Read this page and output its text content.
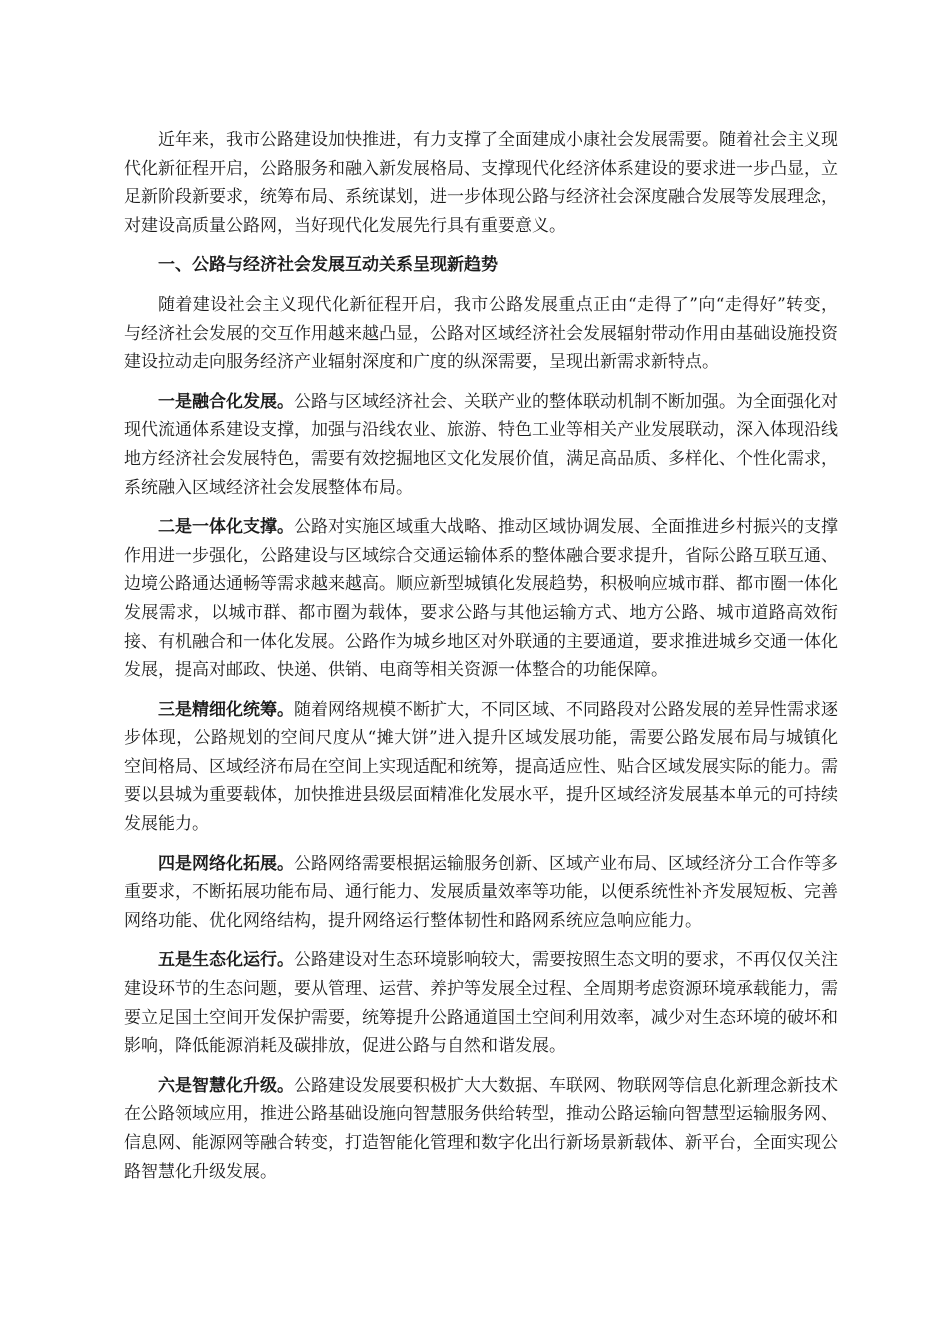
近年来，我市公路建设加快推进，有力支撑了全面建成小康社会发展需要。随着社会主义现代化新征程开启，公路服务和融入新发展格局、支撑现代化经济体系建设的要求进一步凸显，立足新阶段新要求，统筹布局、系统谋划，进一步体现公路与经济社会深度融合发展等发展理念，对建设高质量公路网，当好现代化发展先行具有重要意义。

一、公路与经济社会发展互动关系呈现新趋势

随着建设社会主义现代化新征程开启，我市公路发展重点正由“走得了”向“走得好”转变，与经济社会发展的交互作用越来越凸显，公路对区域经济社会发展辐射带动作用由基础设施投资建设拉动走向服务经济产业辐射深度和广度的纵深需要，呈现出新需求新特点。

一是融合化发展。公路与区域经济社会、关联产业的整体联动机制不断加强。为全面强化对现代流通体系建设支撑，加强与沿线农业、旅游、特色工业等相关产业发展联动，深入体现沿线地方经济社会发展特色，需要有效挖掘地区文化发展价值，满足高品质、多样化、个性化需求，系统融入区域经济社会发展整体布局。

二是一体化支撑。公路对实施区域重大战略、推动区域协调发展、全面推进乡村振兴的支撑作用进一步强化，公路建设与区域综合交通运输体系的整体融合要求提升，省际公路互联互通、边境公路通达通畅等需求越来越高。顺应新型城镇化发展趋势，积极响应城市群、都市圈一体化发展需求，以城市群、都市圈为载体，要求公路与其他运输方式、地方公路、城市道路高效衔接、有机融合和一体化发展。公路作为城乡地区对外联通的主要通道，要求推进城乡交通一体化发展，提高对邮政、快递、供销、电商等相关资源一体整合的功能保障。

三是精细化统筹。随着网络规模不断扩大，不同区域、不同路段对公路发展的差异性需求逐步体现，公路规划的空间尺度从“摊大饼”进入提升区域发展功能，需要公路发展布局与城镇化空间格局、区域经济布局在空间上实现适配和统筹，提高适应性、贴合区域发展实际的能力。需要以县城为重要载体，加快推进县级层面精准化发展水平，提升区域经济发展基本单元的可持续发展能力。

四是网络化拓展。公路网络需要根据运输服务创新、区域产业布局、区域经济分工合作等多重要求，不断拓展功能布局、通行能力、发展质量效率等功能，以便系统性补齐发展短板、完善网络功能、优化网络结构，提升网络运行整体韧性和路网系统应急响应能力。

五是生态化运行。公路建设对生态环境影响较大，需要按照生态文明的要求，不再仅仅关注建设环节的生态问题，要从管理、运营、养护等发展全过程、全周期考虑资源环境承载能力，需要立足国土空间开发保护需要，统筹提升公路通道国土空间利用效率，减少对生态环境的破坏和影响，降低能源消耗及碳排放，促进公路与自然和谐发展。

六是智慧化升级。公路建设发展要积极扩大大数据、车联网、物联网等信息化新理念新技术在公路领域应用，推进公路基础设施向智慧服务供给转型，推动公路运输向智慧型运输服务网、信息网、能源网等融合转变，打造智能化管理和数字化出行新场景新载体、新平台，全面实现公路智慧化升级发展。
